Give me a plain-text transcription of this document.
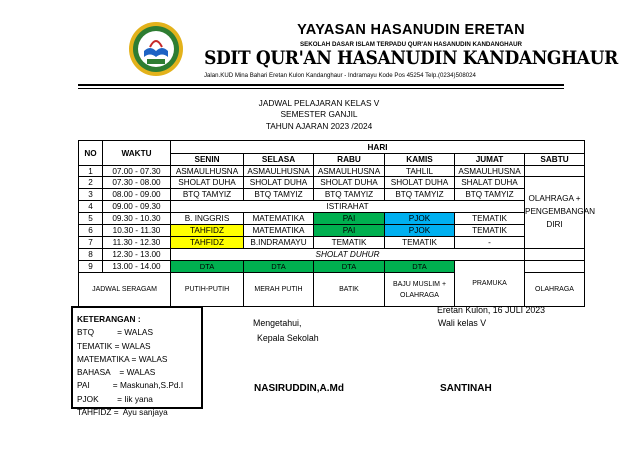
YAYASAN HASANUDIN ERETAN
SEKOLAH DASAR ISLAM TERPADU QUR'AN HASANUDIN KANDANGHAUR
SDIT QUR'AN HASANUDIN KANDANGHAUR
Jalan.KUD Mina Bahari Eretan Kulon Kandanghaur - Indramayu Kode Pos 45254 Telp.(0234)508024
JADWAL PELAJARAN KELAS V
SEMESTER GANJIL
TAHUN AJARAN 2023 /2024
NO	WAKTU	HARI					
		SENIN	SELASA	RABU	KAMIS	JUMAT	SABTU
1	07.00 - 07.30	ASMAULHUSNA	ASMAULHUSNA	ASMAULHUSNA	TAHLIL	ASMAULHUSNA	
2	07.30 - 08.00	SHOLAT DUHA	SHOLAT DUHA	SHOLAT DUHA	SHOLAT DUHA	SHALAT DUHA	OLAHRAGA + PENGEMBANGAN DIRI
3	08.00 - 09.00	BTQ TAMYIZ	BTQ TAMYIZ	BTQ TAMYIZ	BTQ TAMYIZ	BTQ TAMYIZ	
4	09.00 - 09.30	ISTIRAHAT					
5	09.30 - 10.30	B. INGGRIS	MATEMATIKA	PAI	PJOK	TEMATIK	
6	10.30 - 11.30	TAHFIDZ	MATEMATIKA	PAI	PJOK	TEMATIK	
7	11.30 - 12.30	TAHFIDZ	B.INDRAMAYU	TEMATIK	TEMATIK	-	
8	12.30 - 13.00	SHOLAT DUHUR					
9	13.00 - 14.00	DTA	DTA	DTA	DTA	PRAMUKA	
JADWAL SERAGAM		PUTIH-PUTIH	MERAH PUTIH	BATIK	BAJU MUSLIM + OLAHRAGA		OLAHRAGA
KETERANGAN :
BTQ          = WALAS
TEMATIK = WALAS
MATEMATIKA = WALAS
BAHASA    = WALAS
PAI          = Maskunah,S.Pd.I
PJOK        = Iik yana
TAHFIDZ =  Ayu sanjaya
Eretan Kulon, 16 JULI 2023
Mengetahui,	Wali kelas V
Kepala Sekolah
NASIRUDDIN,A.Md	SANTINAH
